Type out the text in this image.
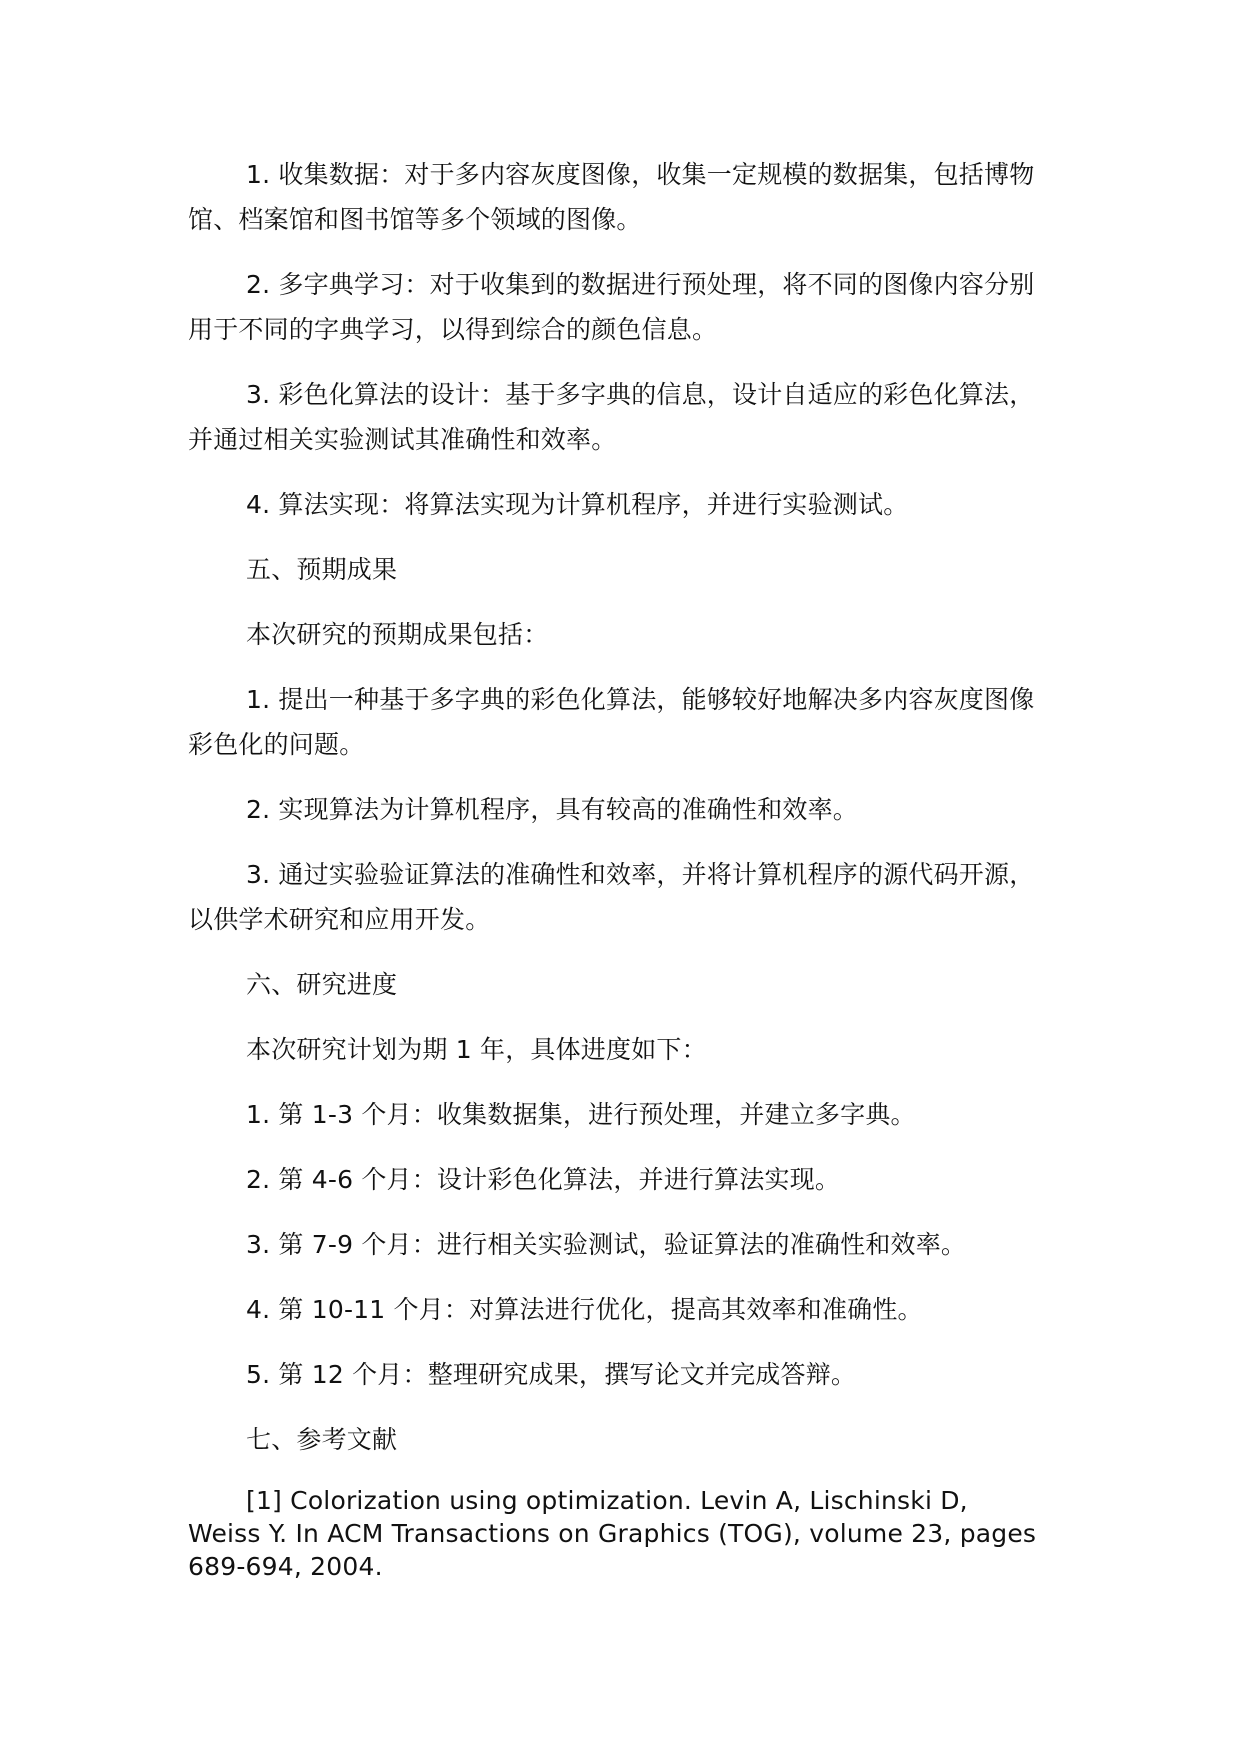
1. 收集数据：对于多内容灰度图像，收集一定规模的数据集，包括博物馆、档案馆和图书馆等多个领域的图像。

2. 多字典学习：对于收集到的数据进行预处理，将不同的图像内容分别用于不同的字典学习，以得到综合的颜色信息。

3. 彩色化算法的设计：基于多字典的信息，设计自适应的彩色化算法，并通过相关实验测试其准确性和效率。

4. 算法实现：将算法实现为计算机程序，并进行实验测试。

五、预期成果

本次研究的预期成果包括：

1. 提出一种基于多字典的彩色化算法，能够较好地解决多内容灰度图像彩色化的问题。

2. 实现算法为计算机程序，具有较高的准确性和效率。

3. 通过实验验证算法的准确性和效率，并将计算机程序的源代码开源，以供学术研究和应用开发。

六、研究进度

本次研究计划为期 1 年，具体进度如下：

1. 第 1-3 个月：收集数据集，进行预处理，并建立多字典。

2. 第 4-6 个月：设计彩色化算法，并进行算法实现。

3. 第 7-9 个月：进行相关实验测试，验证算法的准确性和效率。

4. 第 10-11 个月：对算法进行优化，提高其效率和准确性。

5. 第 12 个月：整理研究成果，撰写论文并完成答辩。

七、参考文献

[1] Colorization using optimization. Levin A, Lischinski D, Weiss Y. In ACM Transactions on Graphics (TOG), volume 23, pages 689-694, 2004.
